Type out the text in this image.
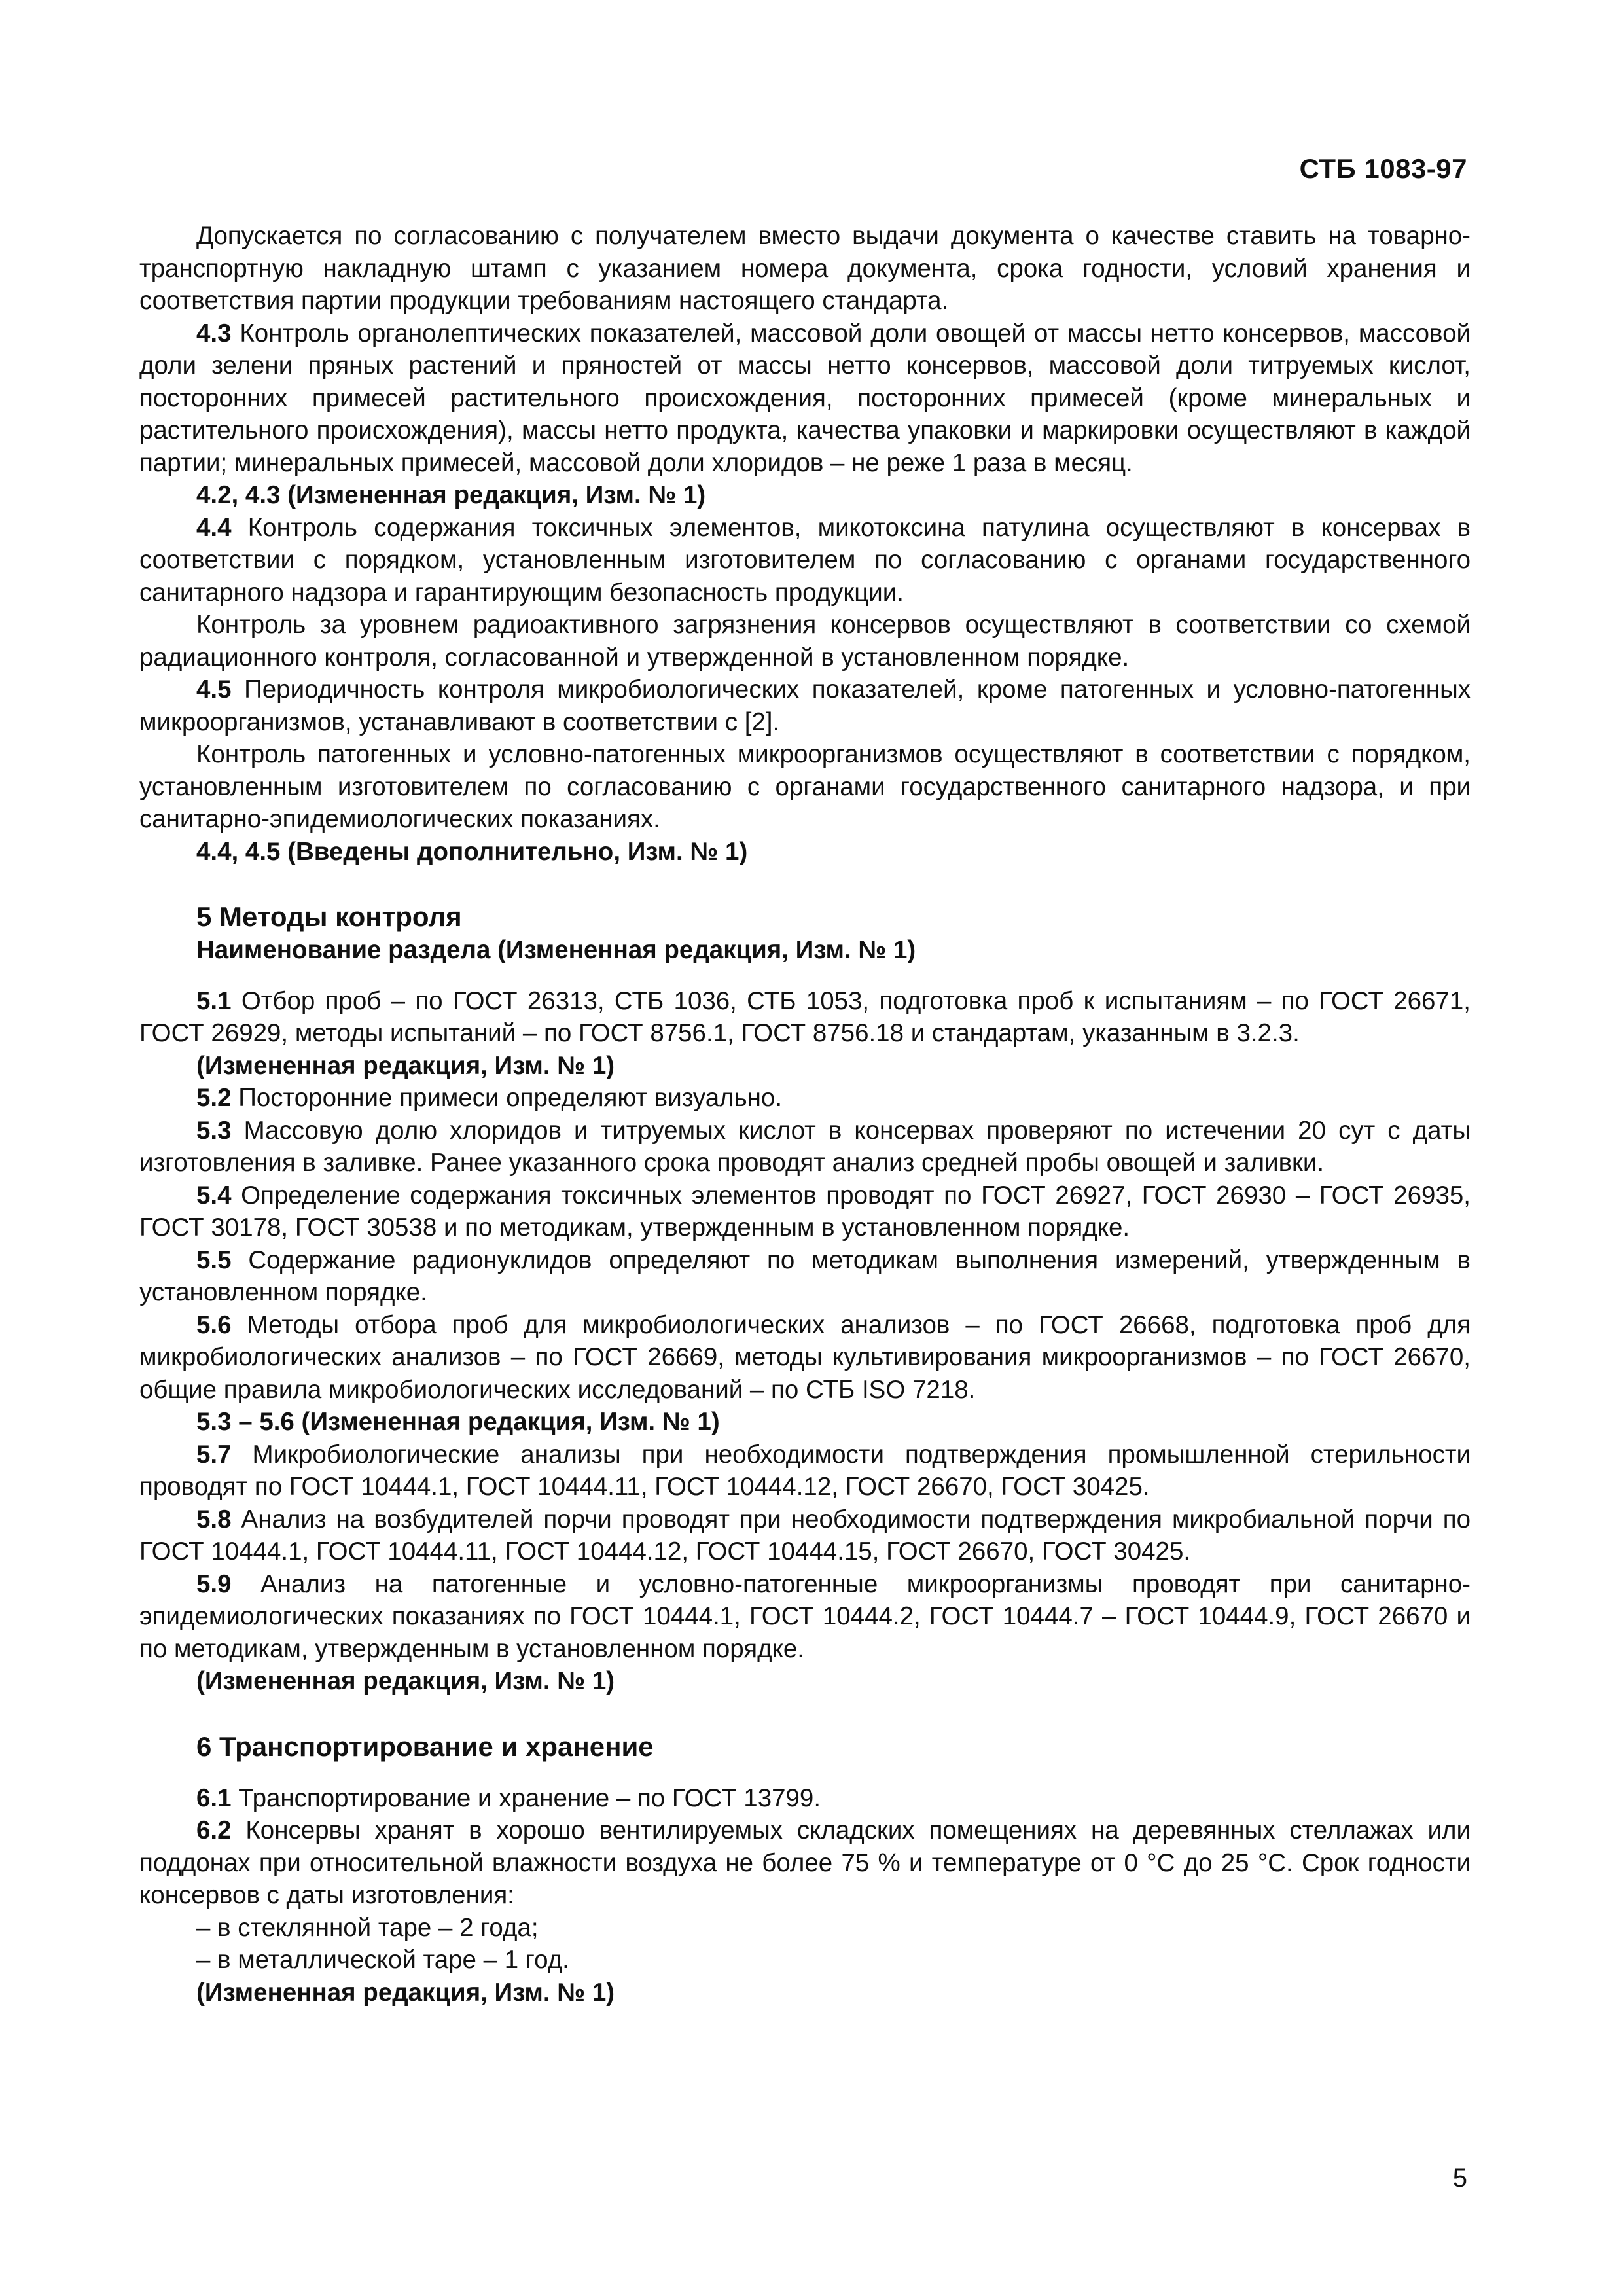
СТБ 1083-97

Допускается по согласованию с получателем вместо выдачи документа о качестве ставить на товарно-транспортную накладную штамп с указанием номера документа, срока годности, условий хранения и соответствия партии продукции требованиям настоящего стандарта.

4.3 Контроль органолептических показателей, массовой доли овощей от массы нетто консервов, массовой доли зелени пряных растений и пряностей от массы нетто консервов, массовой доли титруемых кислот, посторонних примесей растительного происхождения, посторонних примесей (кроме минеральных и растительного происхождения), массы нетто продукта, качества упаковки и маркировки осуществляют в каждой партии; минеральных примесей, массовой доли хлоридов – не реже 1 раза в месяц.

4.2, 4.3 (Измененная редакция, Изм. № 1)

4.4 Контроль содержания токсичных элементов, микотоксина патулина осуществляют в консервах в соответствии с порядком, установленным изготовителем по согласованию с органами государственного санитарного надзора и гарантирующим безопасность продукции.

Контроль за уровнем радиоактивного загрязнения консервов осуществляют в соответствии со схемой радиационного контроля, согласованной и утвержденной в установленном порядке.

4.5 Периодичность контроля микробиологических показателей, кроме патогенных и условно-патогенных микроорганизмов, устанавливают в соответствии с [2].

Контроль патогенных и условно-патогенных микроорганизмов осуществляют в соответствии с порядком, установленным изготовителем по согласованию с органами государственного санитарного надзора, и при санитарно-эпидемиологических показаниях.

4.4, 4.5 (Введены дополнительно, Изм. № 1)

5 Методы контроля

Наименование раздела (Измененная редакция, Изм. № 1)

5.1 Отбор проб – по ГОСТ 26313, СТБ 1036, СТБ 1053, подготовка проб к испытаниям – по ГОСТ 26671, ГОСТ 26929, методы испытаний – по ГОСТ 8756.1, ГОСТ 8756.18 и стандартам, указанным в 3.2.3.

(Измененная редакция, Изм. № 1)

5.2 Посторонние примеси определяют визуально.

5.3 Массовую долю хлоридов и титруемых кислот в консервах проверяют по истечении 20 сут с даты изготовления в заливке. Ранее указанного срока проводят анализ средней пробы овощей и заливки.

5.4 Определение содержания токсичных элементов проводят по ГОСТ 26927, ГОСТ 26930 – ГОСТ 26935, ГОСТ 30178, ГОСТ 30538 и по методикам, утвержденным в установленном порядке.

5.5 Содержание радионуклидов определяют по методикам выполнения измерений, утвержденным в установленном порядке.

5.6 Методы отбора проб для микробиологических анализов – по ГОСТ 26668, подготовка проб для микробиологических анализов – по ГОСТ 26669, методы культивирования микроорганизмов – по ГОСТ 26670, общие правила микробиологических исследований – по СТБ ISO 7218.

5.3 – 5.6 (Измененная редакция, Изм. № 1)

5.7 Микробиологические анализы при необходимости подтверждения промышленной стерильности проводят по ГОСТ 10444.1, ГОСТ 10444.11, ГОСТ 10444.12, ГОСТ 26670, ГОСТ 30425.

5.8 Анализ на возбудителей порчи проводят при необходимости подтверждения микробиальной порчи по ГОСТ 10444.1, ГОСТ 10444.11, ГОСТ 10444.12, ГОСТ 10444.15, ГОСТ 26670, ГОСТ 30425.

5.9 Анализ на патогенные и условно-патогенные микроорганизмы проводят при санитарно-эпидемиологических показаниях по ГОСТ 10444.1, ГОСТ 10444.2, ГОСТ 10444.7 – ГОСТ 10444.9, ГОСТ 26670 и по методикам, утвержденным в установленном порядке.

(Измененная редакция, Изм. № 1)

6 Транспортирование и хранение

6.1 Транспортирование и хранение – по ГОСТ 13799.

6.2 Консервы хранят в хорошо вентилируемых складских помещениях на деревянных стеллажах или поддонах при относительной влажности воздуха не более 75 % и температуре от 0 °С до 25 °С. Срок годности консервов с даты изготовления:

– в стеклянной таре – 2 года;

– в металлической таре – 1 год.

(Измененная редакция, Изм. № 1)

5
